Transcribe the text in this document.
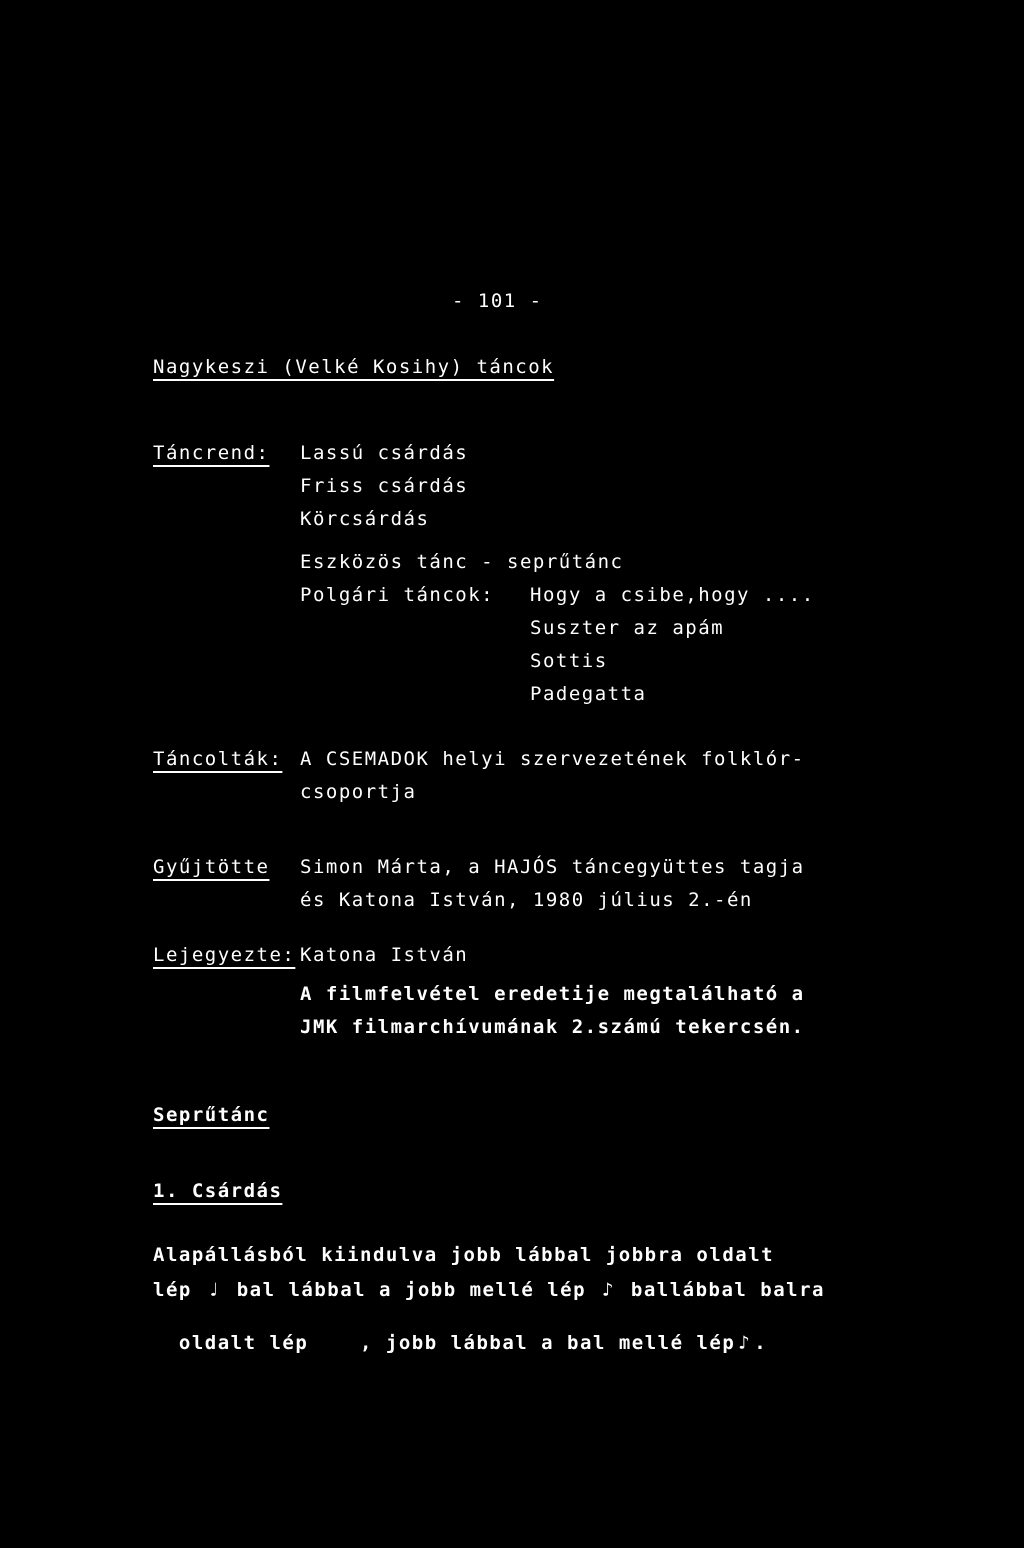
- 101 -
Nagykeszi (Velké Kosihy) táncok
Táncrend: Lassú csárdás
Friss csárdás
Körcsárdás
Eszközös tánc - seprűtánc
Polgári táncok: Hogy a csibe,hogy ....
Suszter az apám
Sottis
Padegatta
Táncolták: A CSEMADOK helyi szervezetének folklór-
csoportja
Gyűjtötte Simon Márta, a HAJÓS táncegyüttes tagja
és Katona István, 1980 július 2.-én
Lejegyezte: Katona István
A filmfelvétel eredetije megtalálható a
JMK filmarchívumának 2.számú tekercsén.
Seprűtánc
1. Csárdás
Alapállásból kiindulva jobb lábbal jobbra oldalt
lép ♩ bal lábbal a jobb mellé lép ♪ ballábbal balra

oldalt lép    , jobb lábbal a bal mellé lép ♪ .
